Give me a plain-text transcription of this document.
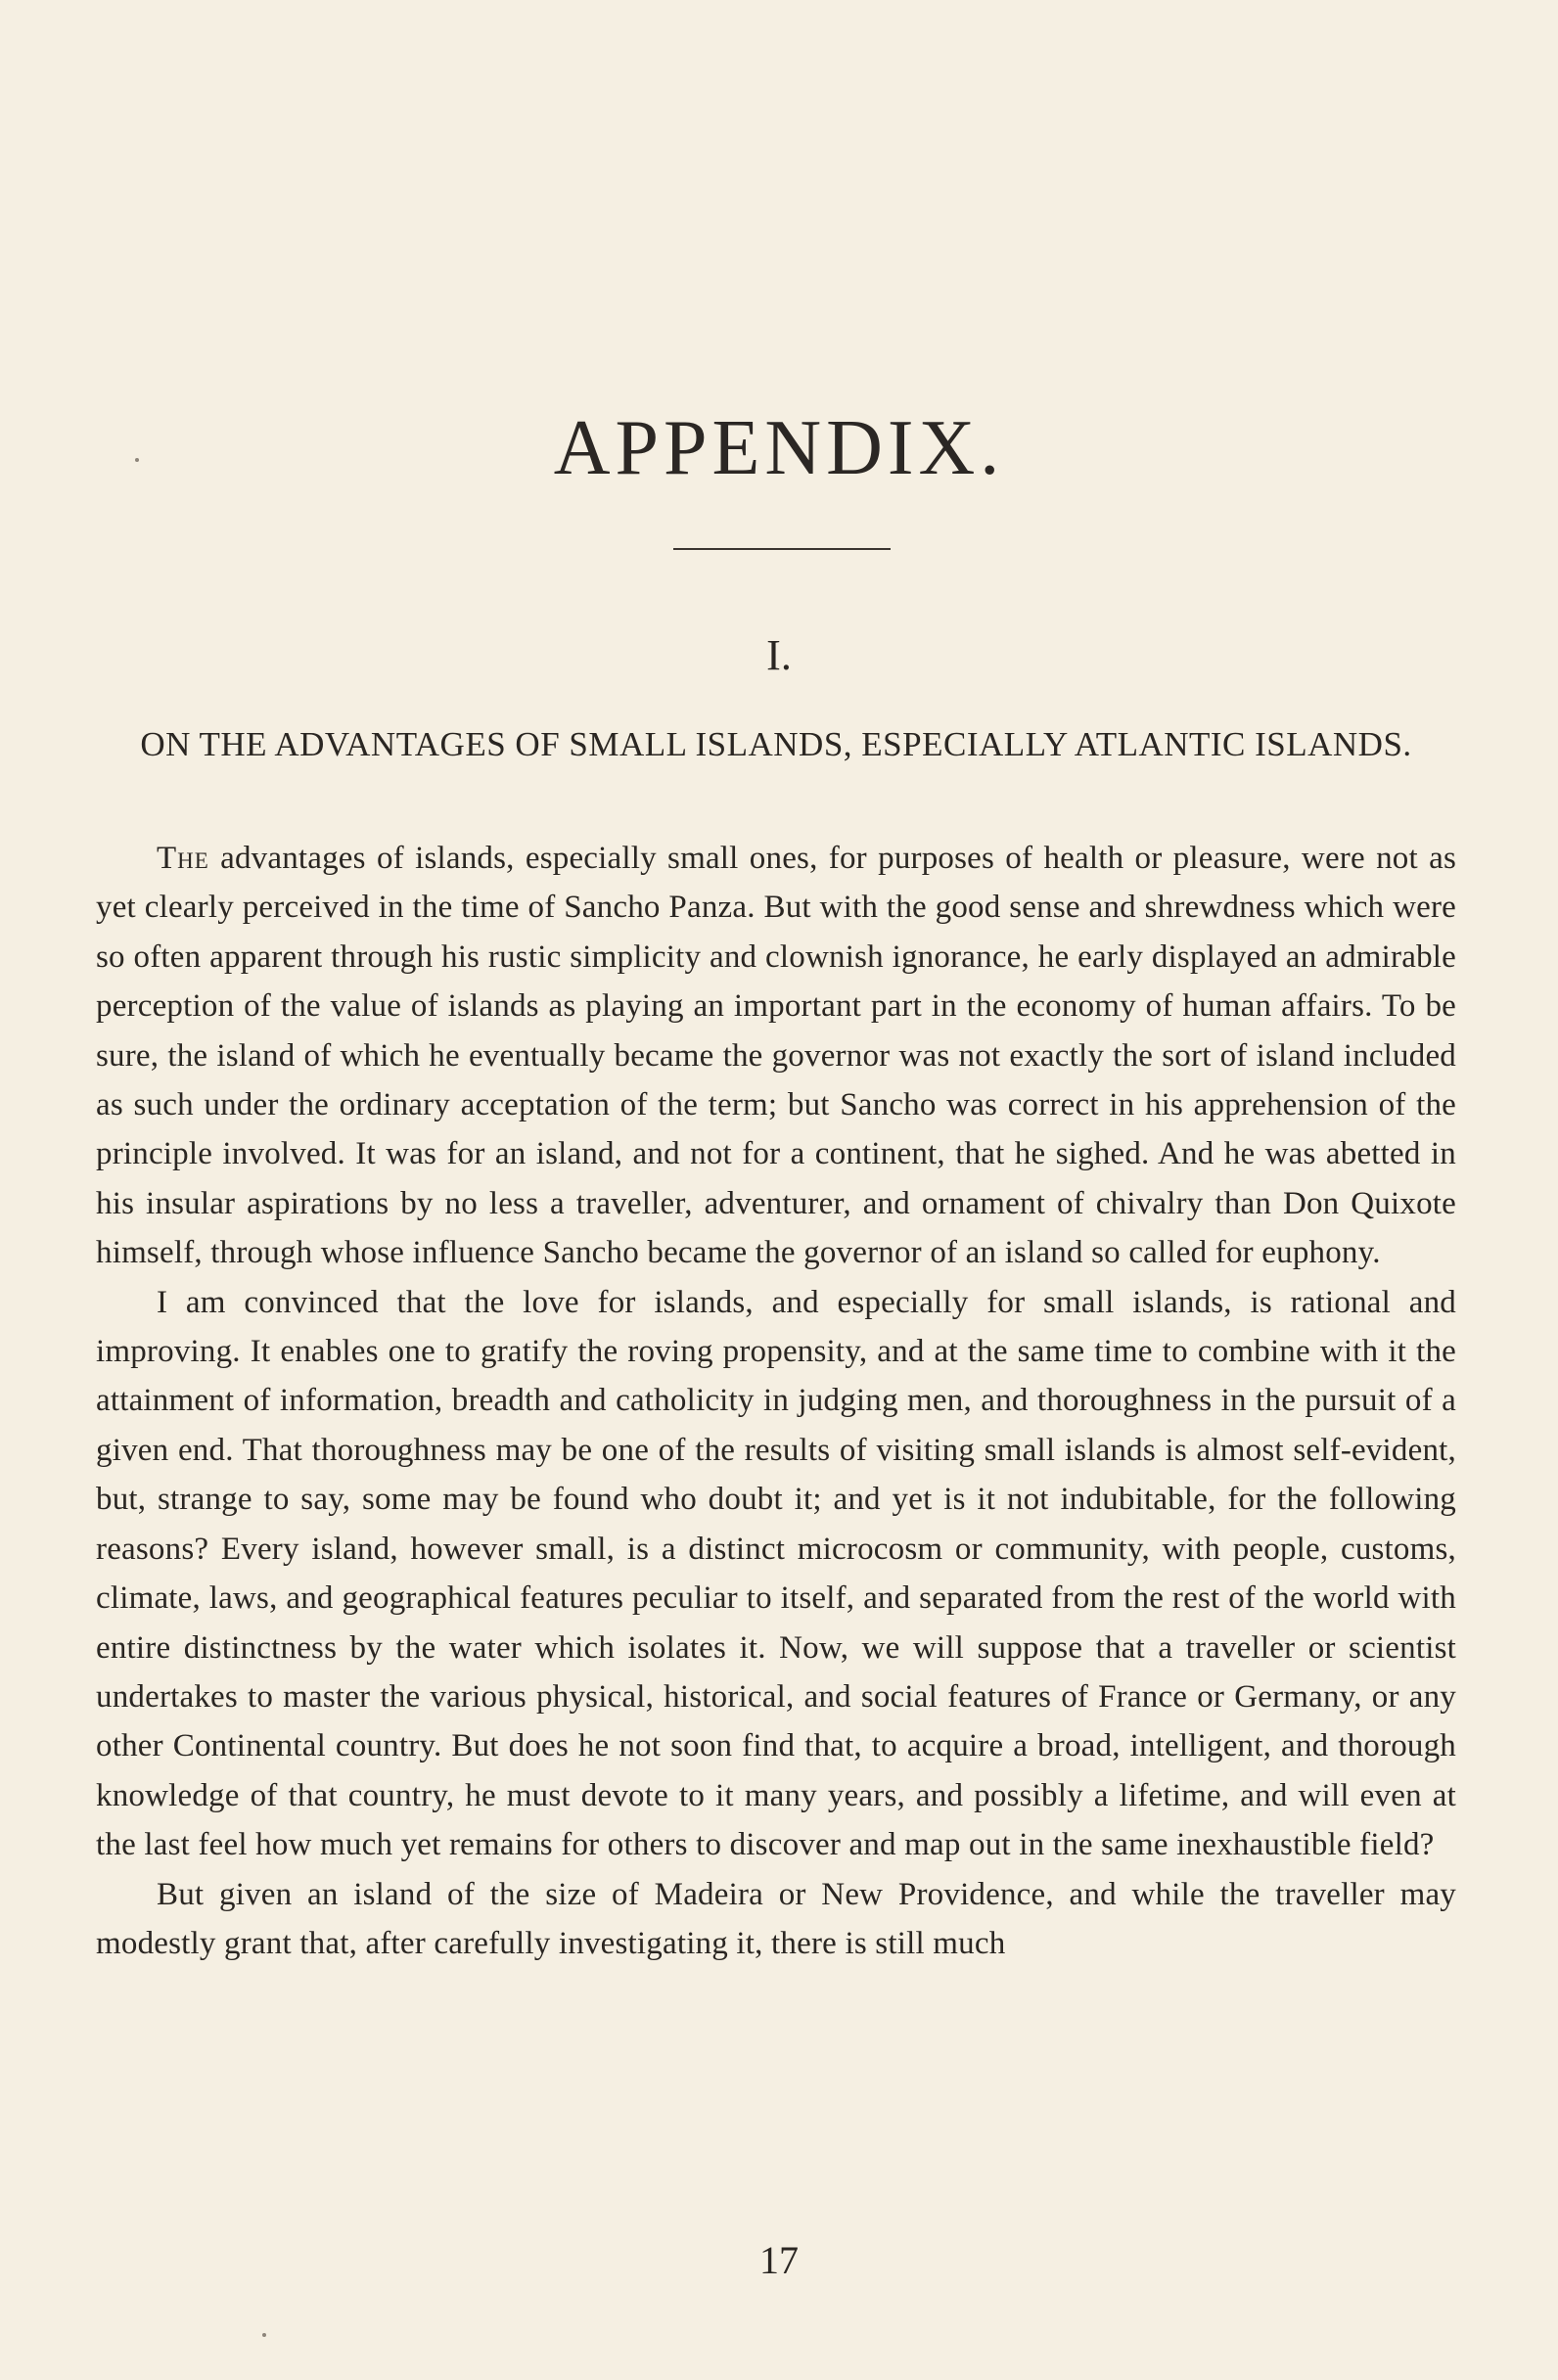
APPENDIX.
I.
ON THE ADVANTAGES OF SMALL ISLANDS, ESPECIALLY ATLANTIC ISLANDS.

The advantages of islands, especially small ones, for purposes of health or pleasure, were not as yet clearly perceived in the time of Sancho Panza. But with the good sense and shrewdness which were so often apparent through his rustic simplicity and clownish ignorance, he early displayed an admirable perception of the value of islands as playing an important part in the economy of human affairs. To be sure, the island of which he eventually became the governor was not exactly the sort of island included as such under the ordinary acceptation of the term; but Sancho was correct in his apprehension of the principle involved. It was for an island, and not for a continent, that he sighed. And he was abetted in his insular aspirations by no less a traveller, adventurer, and ornament of chivalry than Don Quixote himself, through whose influence Sancho became the governor of an island so called for euphony.

I am convinced that the love for islands, and especially for small islands, is rational and improving. It enables one to gratify the roving propensity, and at the same time to combine with it the attainment of information, breadth and catholicity in judging men, and thoroughness in the pursuit of a given end. That thoroughness may be one of the results of visiting small islands is almost self-evident, but, strange to say, some may be found who doubt it; and yet is it not indubitable, for the following reasons? Every island, however small, is a distinct microcosm or community, with people, customs, climate, laws, and geographical features peculiar to itself, and separated from the rest of the world with entire distinctness by the water which isolates it. Now, we will suppose that a traveller or scientist undertakes to master the various physical, historical, and social features of France or Germany, or any other Continental country. But does he not soon find that, to acquire a broad, intelligent, and thorough knowledge of that country, he must devote to it many years, and possibly a lifetime, and will even at the last feel how much yet remains for others to discover and map out in the same inexhaustible field?

But given an island of the size of Madeira or New Providence, and while the traveller may modestly grant that, after carefully investigating it, there is still much

17
